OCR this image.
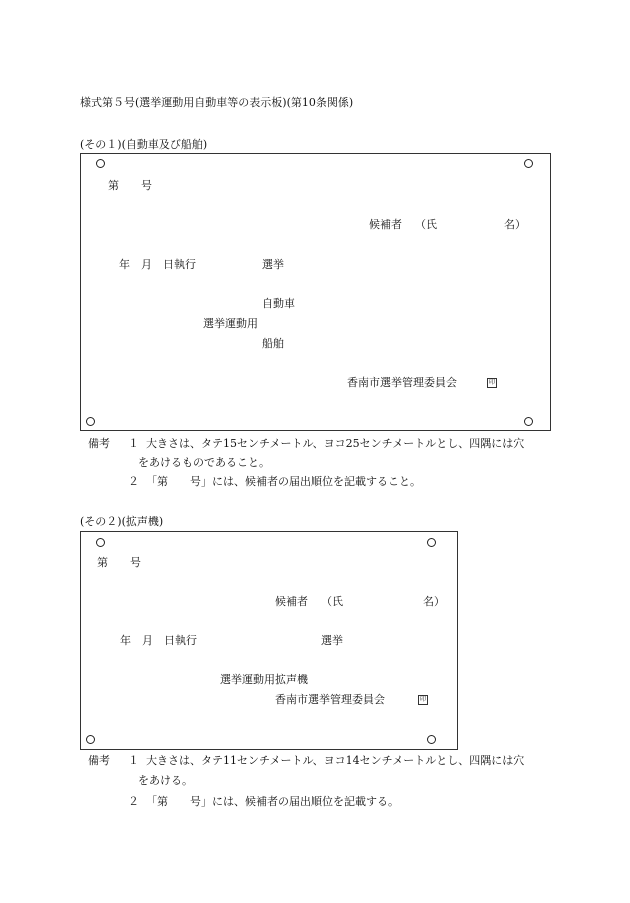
様式第５号(選挙運動用自動車等の表示板)(第10条関係)
(その１)(自動車及び船舶)
第　　号
候補者 （氏	名）
年　月　日執行	選挙
自動車
選挙運動用
船舶
香南市選挙管理委員会	印
備考 １ 大きさは、タテ15センチメートル、ヨコ25センチメートルとし、四隅には穴
をあけるものであること。
２ 「第　　号」には、候補者の届出順位を記載すること。
(その２)(拡声機)
第　　号
候補者 （氏	名）
年　月　日執行	選挙
選挙運動用拡声機
香南市選挙管理委員会	印
備考 １ 大きさは、タテ11センチメートル、ヨコ14センチメートルとし、四隅には穴
をあける。
２ 「第　　号」には、候補者の届出順位を記載する。
